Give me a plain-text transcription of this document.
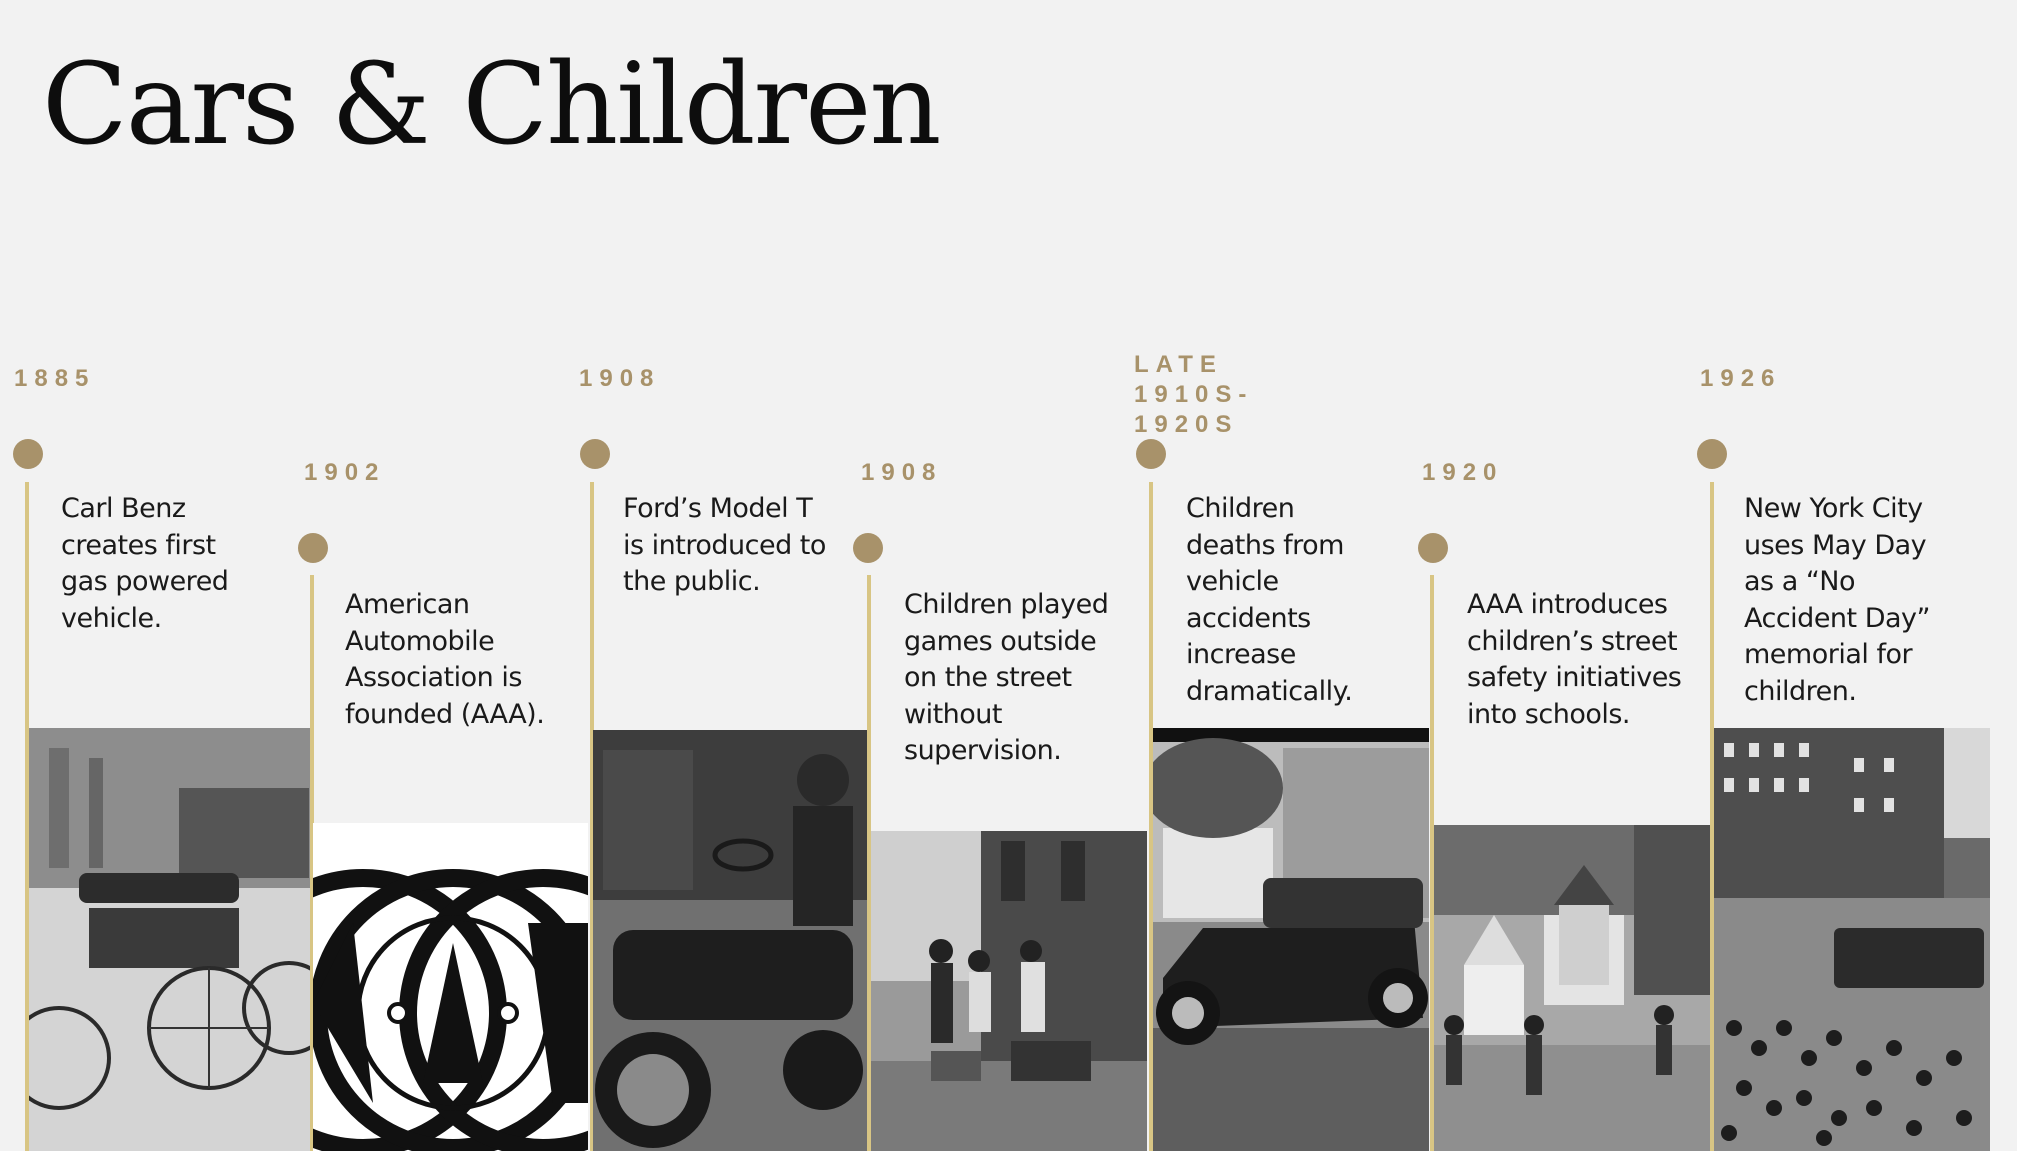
Cars & Children
1885
Carl Benz creates first gas powered vehicle.
1902
American Automobile Association is founded (AAA).
1908
Ford’s Model T is introduced to the public.
1908
Children played games outside on the street without supervision.
LATE 1910S-1920S
Children deaths from vehicle accidents increase dramatically.
1920
AAA introduces children’s street safety initiatives into schools.
1926
New York City uses May Day as a “No Accident Day” memorial for children.
